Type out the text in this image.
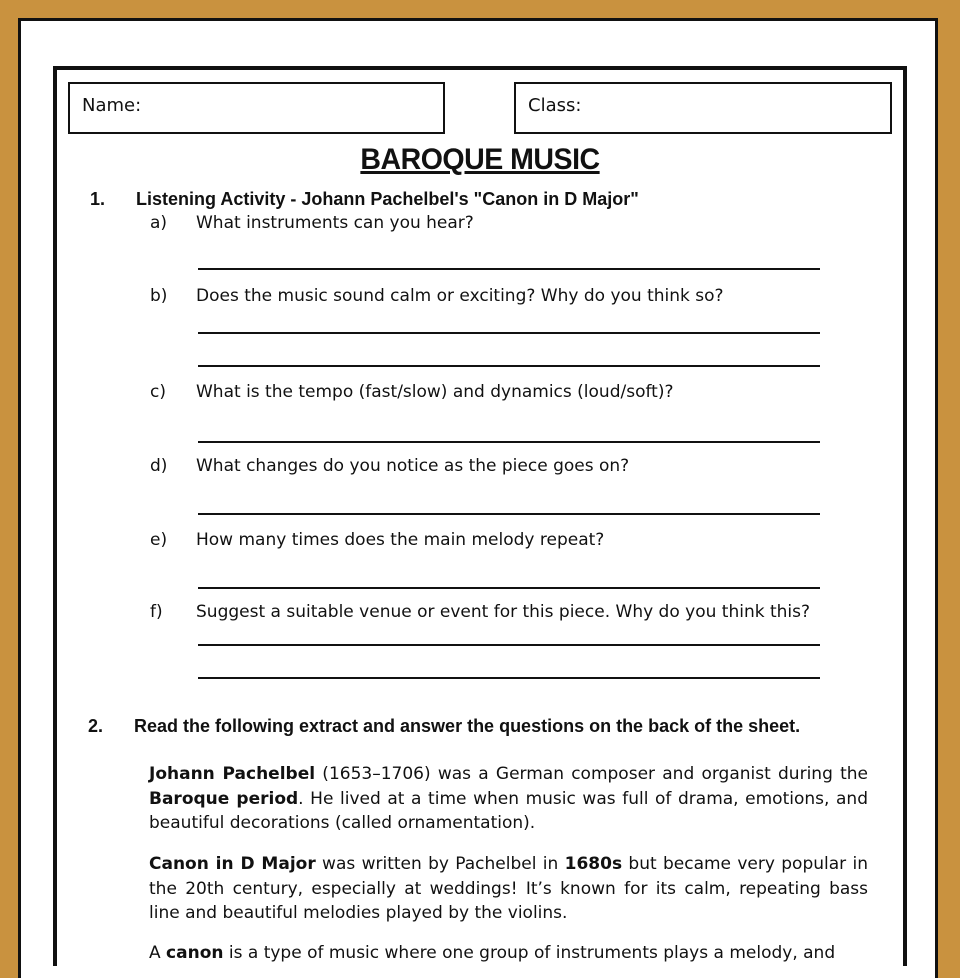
Name:	Class:
BAROQUE MUSIC
1. Listening Activity - Johann Pachelbel's "Canon in D Major"
a) What instruments can you hear?
b) Does the music sound calm or exciting? Why do you think so?
c) What is the tempo (fast/slow) and dynamics (loud/soft)?
d) What changes do you notice as the piece goes on?
e) How many times does the main melody repeat?
f) Suggest a suitable venue or event for this piece. Why do you think this?
2. Read the following extract and answer the questions on the back of the sheet.
Johann Pachelbel (1653–1706) was a German composer and organist during the Baroque period. He lived at a time when music was full of drama, emotions, and beautiful decorations (called ornamentation).
Canon in D Major was written by Pachelbel in 1680s but became very popular in the 20th century, especially at weddings! It’s known for its calm, repeating bass line and beautiful melodies played by the violins.
A canon is a type of music where one group of instruments plays a melody, and
